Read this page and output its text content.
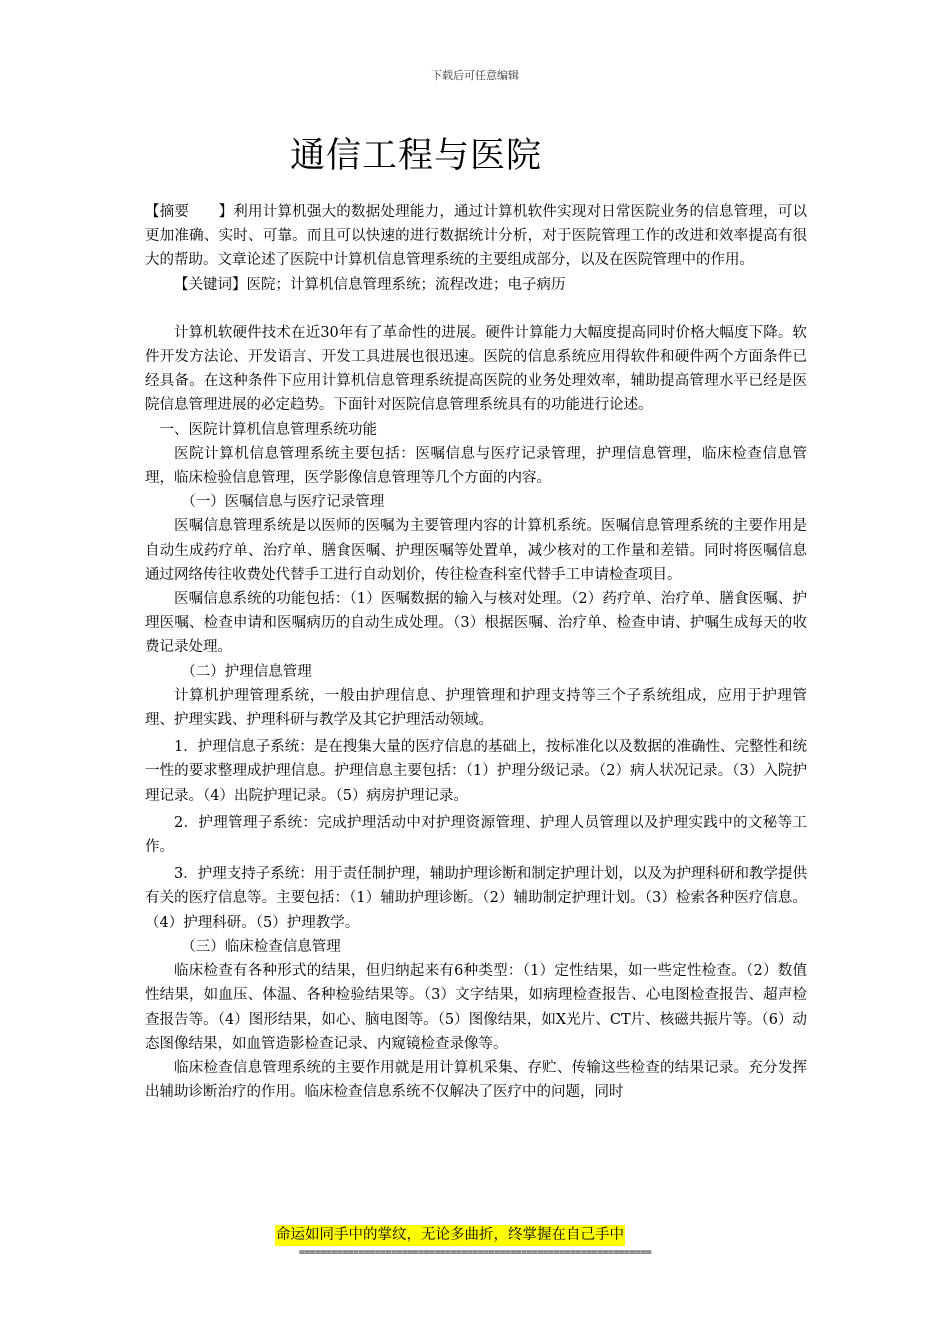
下载后可任意编辑
通信工程与医院

【摘要　　】利用计算机强大的数据处理能力，通过计算机软件实现对日常医院业务的信息管理，可以更加准确、实时、可靠。而且可以快速的进行数据统计分析，对于医院管理工作的改进和效率提高有很大的帮助。文章论述了医院中计算机信息管理系统的主要组成部分，以及在医院管理中的作用。

【关键词】医院；计算机信息管理系统；流程改进；电子病历

计算机软硬件技术在近30年有了革命性的进展。硬件计算能力大幅度提高同时价格大幅度下降。软件开发方法论、开发语言、开发工具进展也很迅速。医院的信息系统应用得软件和硬件两个方面条件已经具备。在这种条件下应用计算机信息管理系统提高医院的业务处理效率，辅助提高管理水平已经是医院信息管理进展的必定趋势。下面针对医院信息管理系统具有的功能进行论述。

一、医院计算机信息管理系统功能

医院计算机信息管理系统主要包括：医嘱信息与医疗记录管理，护理信息管理，临床检查信息管理，临床检验信息管理，医学影像信息管理等几个方面的内容。

（一）医嘱信息与医疗记录管理

医嘱信息管理系统是以医师的医嘱为主要管理内容的计算机系统。医嘱信息管理系统的主要作用是自动生成药疗单、治疗单、膳食医嘱、护理医嘱等处置单，减少核对的工作量和差错。同时将医嘱信息通过网络传往收费处代替手工进行自动划价，传往检查科室代替手工申请检查项目。

医嘱信息系统的功能包括：（1）医嘱数据的输入与核对处理。（2）药疗单、治疗单、膳食医嘱、护理医嘱、检查申请和医嘱病历的自动生成处理。（3）根据医嘱、治疗单、检查申请、护嘱生成每天的收费记录处理。

（二）护理信息管理

计算机护理管理系统，一般由护理信息、护理管理和护理支持等三个子系统组成，应用于护理管理、护理实践、护理科研与教学及其它护理活动领域。

1．护理信息子系统：是在搜集大量的医疗信息的基础上，按标准化以及数据的准确性、完整性和统一性的要求整理成护理信息。护理信息主要包括：（1）护理分级记录。（2）病人状况记录。（3）入院护理记录。（4）出院护理记录。（5）病房护理记录。

2．护理管理子系统：完成护理活动中对护理资源管理、护理人员管理以及护理实践中的文秘等工作。

3．护理支持子系统：用于责任制护理，辅助护理诊断和制定护理计划，以及为护理科研和教学提供有关的医疗信息等。主要包括：（1）辅助护理诊断。（2）辅助制定护理计划。（3）检索各种医疗信息。（4）护理科研。（5）护理教学。

（三）临床检查信息管理

临床检查有各种形式的结果，但归纳起来有6种类型：（1）定性结果，如一些定性检查。（2）数值性结果，如血压、体温、各种检验结果等。（3）文字结果，如病理检查报告、心电图检查报告、超声检查报告等。（4）图形结果，如心、脑电图等。（5）图像结果，如X光片、CT片、核磁共振片等。（6）动态图像结果，如血管造影检查记录、内窥镜检查录像等。

临床检查信息管理系统的主要作用就是用计算机采集、存贮、传输这些检查的结果记录。充分发挥出辅助诊断治疗的作用。临床检查信息系统不仅解决了医疗中的问题，同时

命运如同手中的掌纹，无论多曲折，终掌握在自己手中
=================================================================
